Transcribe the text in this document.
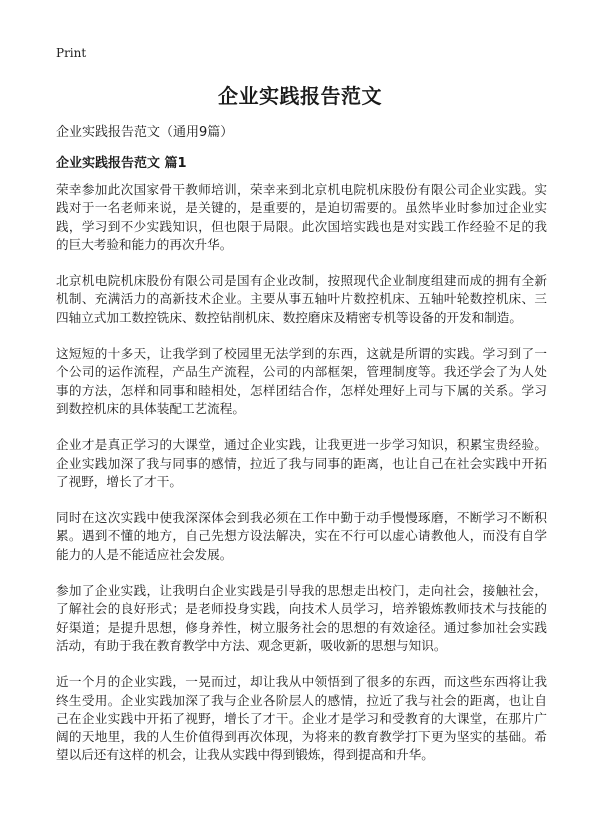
Print
企业实践报告范文

企业实践报告范文（通用9篇）

企业实践报告范文 篇1

荣幸参加此次国家骨干教师培训，荣幸来到北京机电院机床股份有限公司企业实践。实践对于一名老师来说，是关键的，是重要的，是迫切需要的。虽然毕业时参加过企业实践，学习到不少实践知识，但也限于局限。此次国培实践也是对实践工作经验不足的我的巨大考验和能力的再次升华。

北京机电院机床股份有限公司是国有企业改制，按照现代企业制度组建而成的拥有全新机制、充满活力的高新技术企业。主要从事五轴叶片数控机床、五轴叶轮数控机床、三四轴立式加工数控铣床、数控钻削机床、数控磨床及精密专机等设备的开发和制造。

这短短的十多天，让我学到了校园里无法学到的东西，这就是所谓的实践。学习到了一个公司的运作流程，产品生产流程，公司的内部框架，管理制度等。我还学会了为人处事的方法，怎样和同事和睦相处，怎样团结合作，怎样处理好上司与下属的关系。学习到数控机床的具体装配工艺流程。

企业才是真正学习的大课堂，通过企业实践，让我更进一步学习知识，积累宝贵经验。 企业实践加深了我与同事的感情，拉近了我与同事的距离，也让自己在社会实践中开拓了视野，增长了才干。

同时在这次实践中使我深深体会到我必须在工作中勤于动手慢慢琢磨，不断学习不断积累。遇到不懂的地方，自己先想方设法解决，实在不行可以虚心请教他人，而没有自学能力的人是不能适应社会发展。

参加了企业实践，让我明白企业实践是引导我的思想走出校门，走向社会，接触社会，了解社会的良好形式；是老师投身实践，向技术人员学习，培养锻炼教师技术与技能的好渠道；是提升思想，修身养性，树立服务社会的思想的有效途径。通过参加社会实践活动，有助于我在教育教学中方法、观念更新，吸收新的思想与知识。

近一个月的企业实践，一晃而过，却让我从中领悟到了很多的东西，而这些东西将让我终生受用。企业实践加深了我与企业各阶层人的感情，拉近了我与社会的距离，也让自己在企业实践中开拓了视野，增长了才干。企业才是学习和受教育的大课堂，在那片广阔的天地里，我的人生价值得到再次体现，为将来的教育教学打下更为坚实的基础。希望以后还有这样的机会，让我从实践中得到锻炼，得到提高和升华。
